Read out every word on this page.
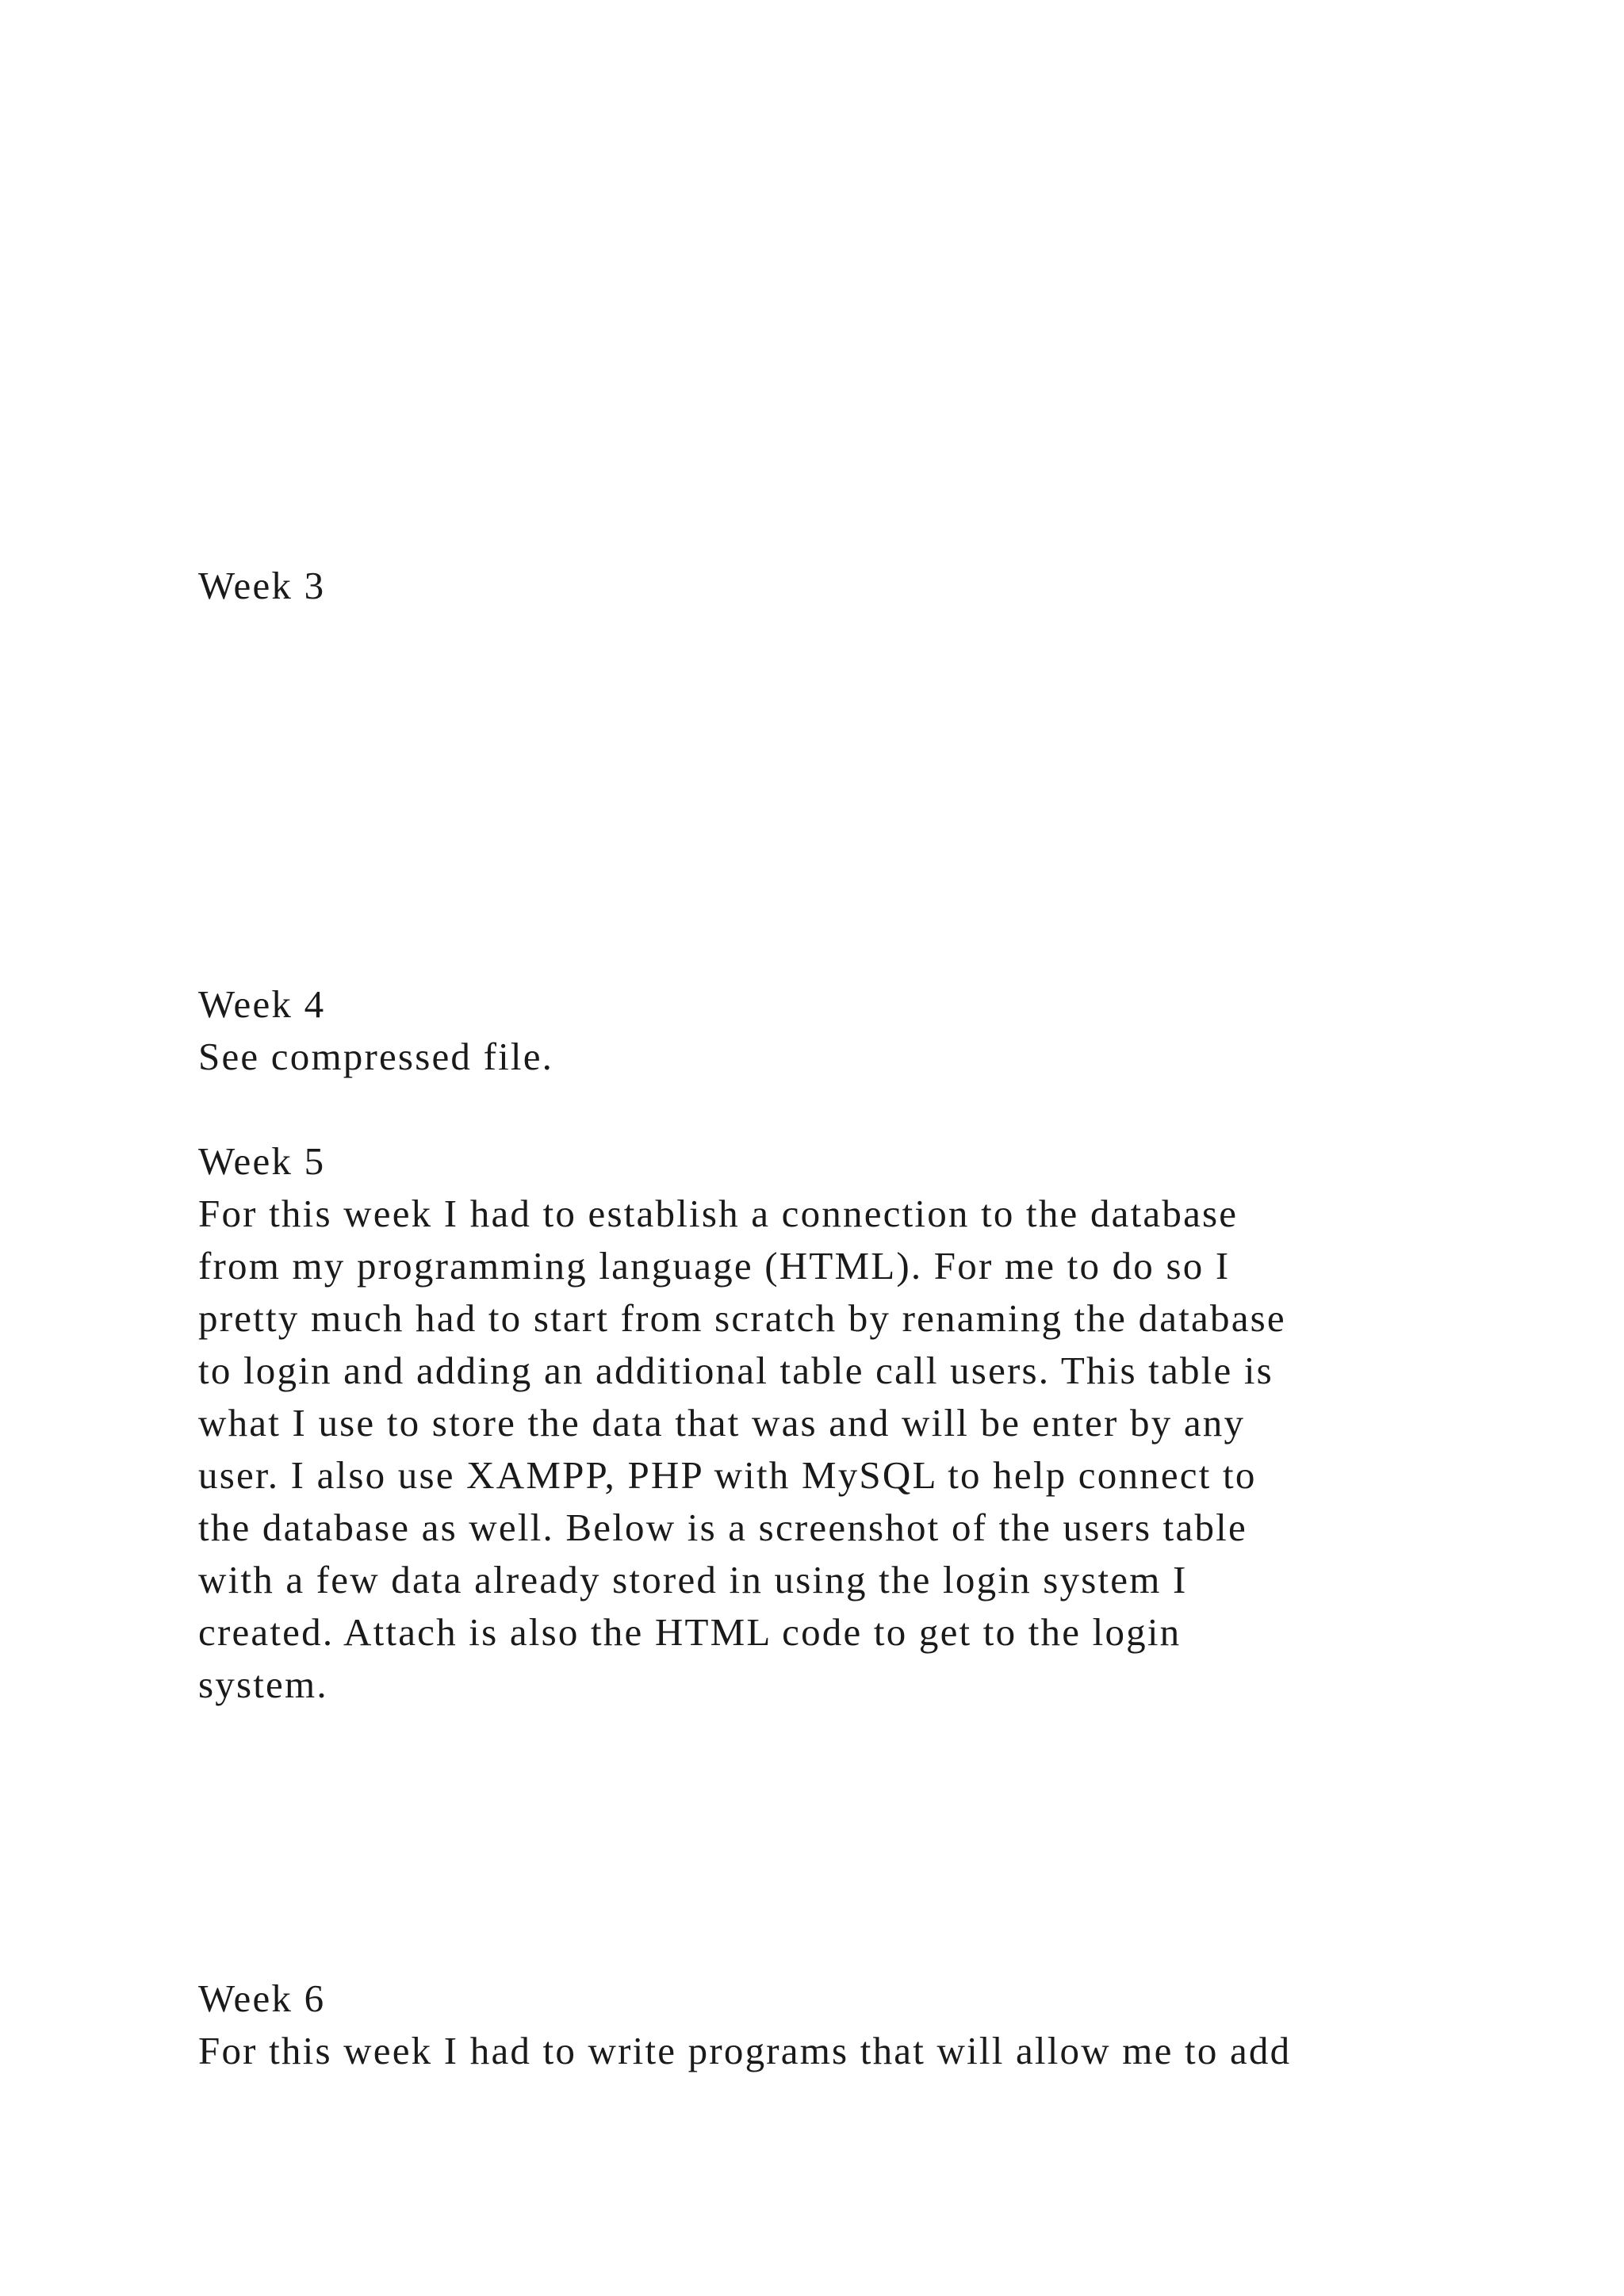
Week 3

Week 4

See compressed file.

Week 5

For this week I had to establish a connection to the database

from my programming language (HTML). For me to do so I

pretty much had to start from scratch by renaming the database

to login and adding an additional table call users. This table is

what I use to store the data that was and will be enter by any

user. I also use XAMPP, PHP with MySQL to help connect to

the database as well. Below is a screenshot of the users table

with a few data already stored in using the login system I

created. Attach is also the HTML code to get to the login

system.

Week 6

For this week I had to write programs that will allow me to add
